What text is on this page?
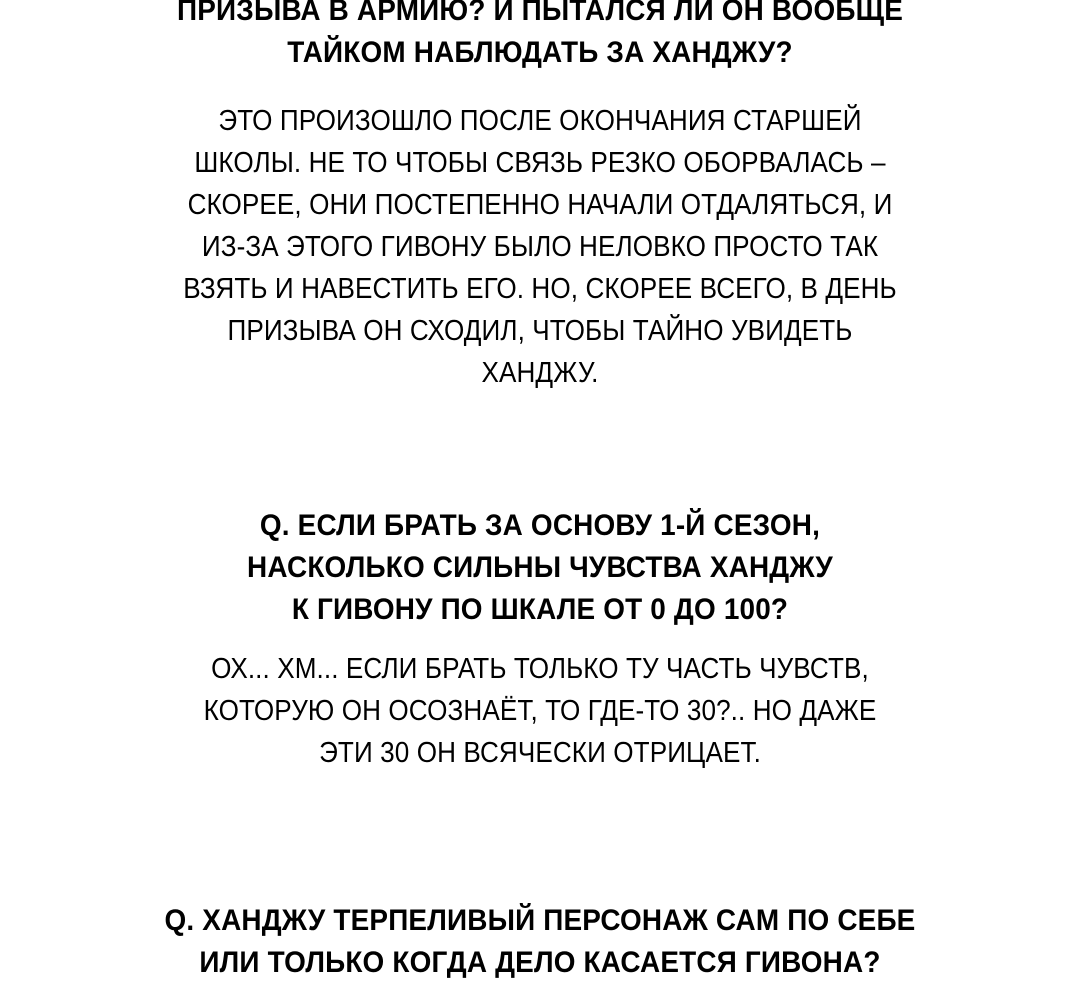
ПРИЗЫВА В АРМИЮ? И ПЫТАЛСЯ ЛИ ОН ВООБЩЕ
ТАЙКОМ НАБЛЮДАТЬ ЗА ХАНДЖУ?
ЭТО ПРОИЗОШЛО ПОСЛЕ ОКОНЧАНИЯ СТАРШЕЙ
ШКОЛЫ. НЕ ТО ЧТОБЫ СВЯЗЬ РЕЗКО ОБОРВАЛАСЬ –
СКОРЕЕ, ОНИ ПОСТЕПЕННО НАЧАЛИ ОТДАЛЯТЬСЯ, И
ИЗ-ЗА ЭТОГО ГИВОНУ БЫЛО НЕЛОВКО ПРОСТО ТАК
ВЗЯТЬ И НАВЕСТИТЬ ЕГО. НО, СКОРЕЕ ВСЕГО, В ДЕНЬ
ПРИЗЫВА ОН СХОДИЛ, ЧТОБЫ ТАЙНО УВИДЕТЬ
ХАНДЖУ.
Q. ЕСЛИ БРАТЬ ЗА ОСНОВУ 1-Й СЕЗОН,
НАСКОЛЬКО СИЛЬНЫ ЧУВСТВА ХАНДЖУ
К ГИВОНУ ПО ШКАЛЕ ОТ 0 ДО 100?
ОХ... ХМ... ЕСЛИ БРАТЬ ТОЛЬКО ТУ ЧАСТЬ ЧУВСТВ,
КОТОРУЮ ОН ОСОЗНАЁТ, ТО ГДЕ-ТО 30?.. НО ДАЖЕ
ЭТИ 30 ОН ВСЯЧЕСКИ ОТРИЦАЕТ.
Q. ХАНДЖУ ТЕРПЕЛИВЫЙ ПЕРСОНАЖ САМ ПО СЕБЕ
ИЛИ ТОЛЬКО КОГДА ДЕЛО КАСАЕТСЯ ГИВОНА?
